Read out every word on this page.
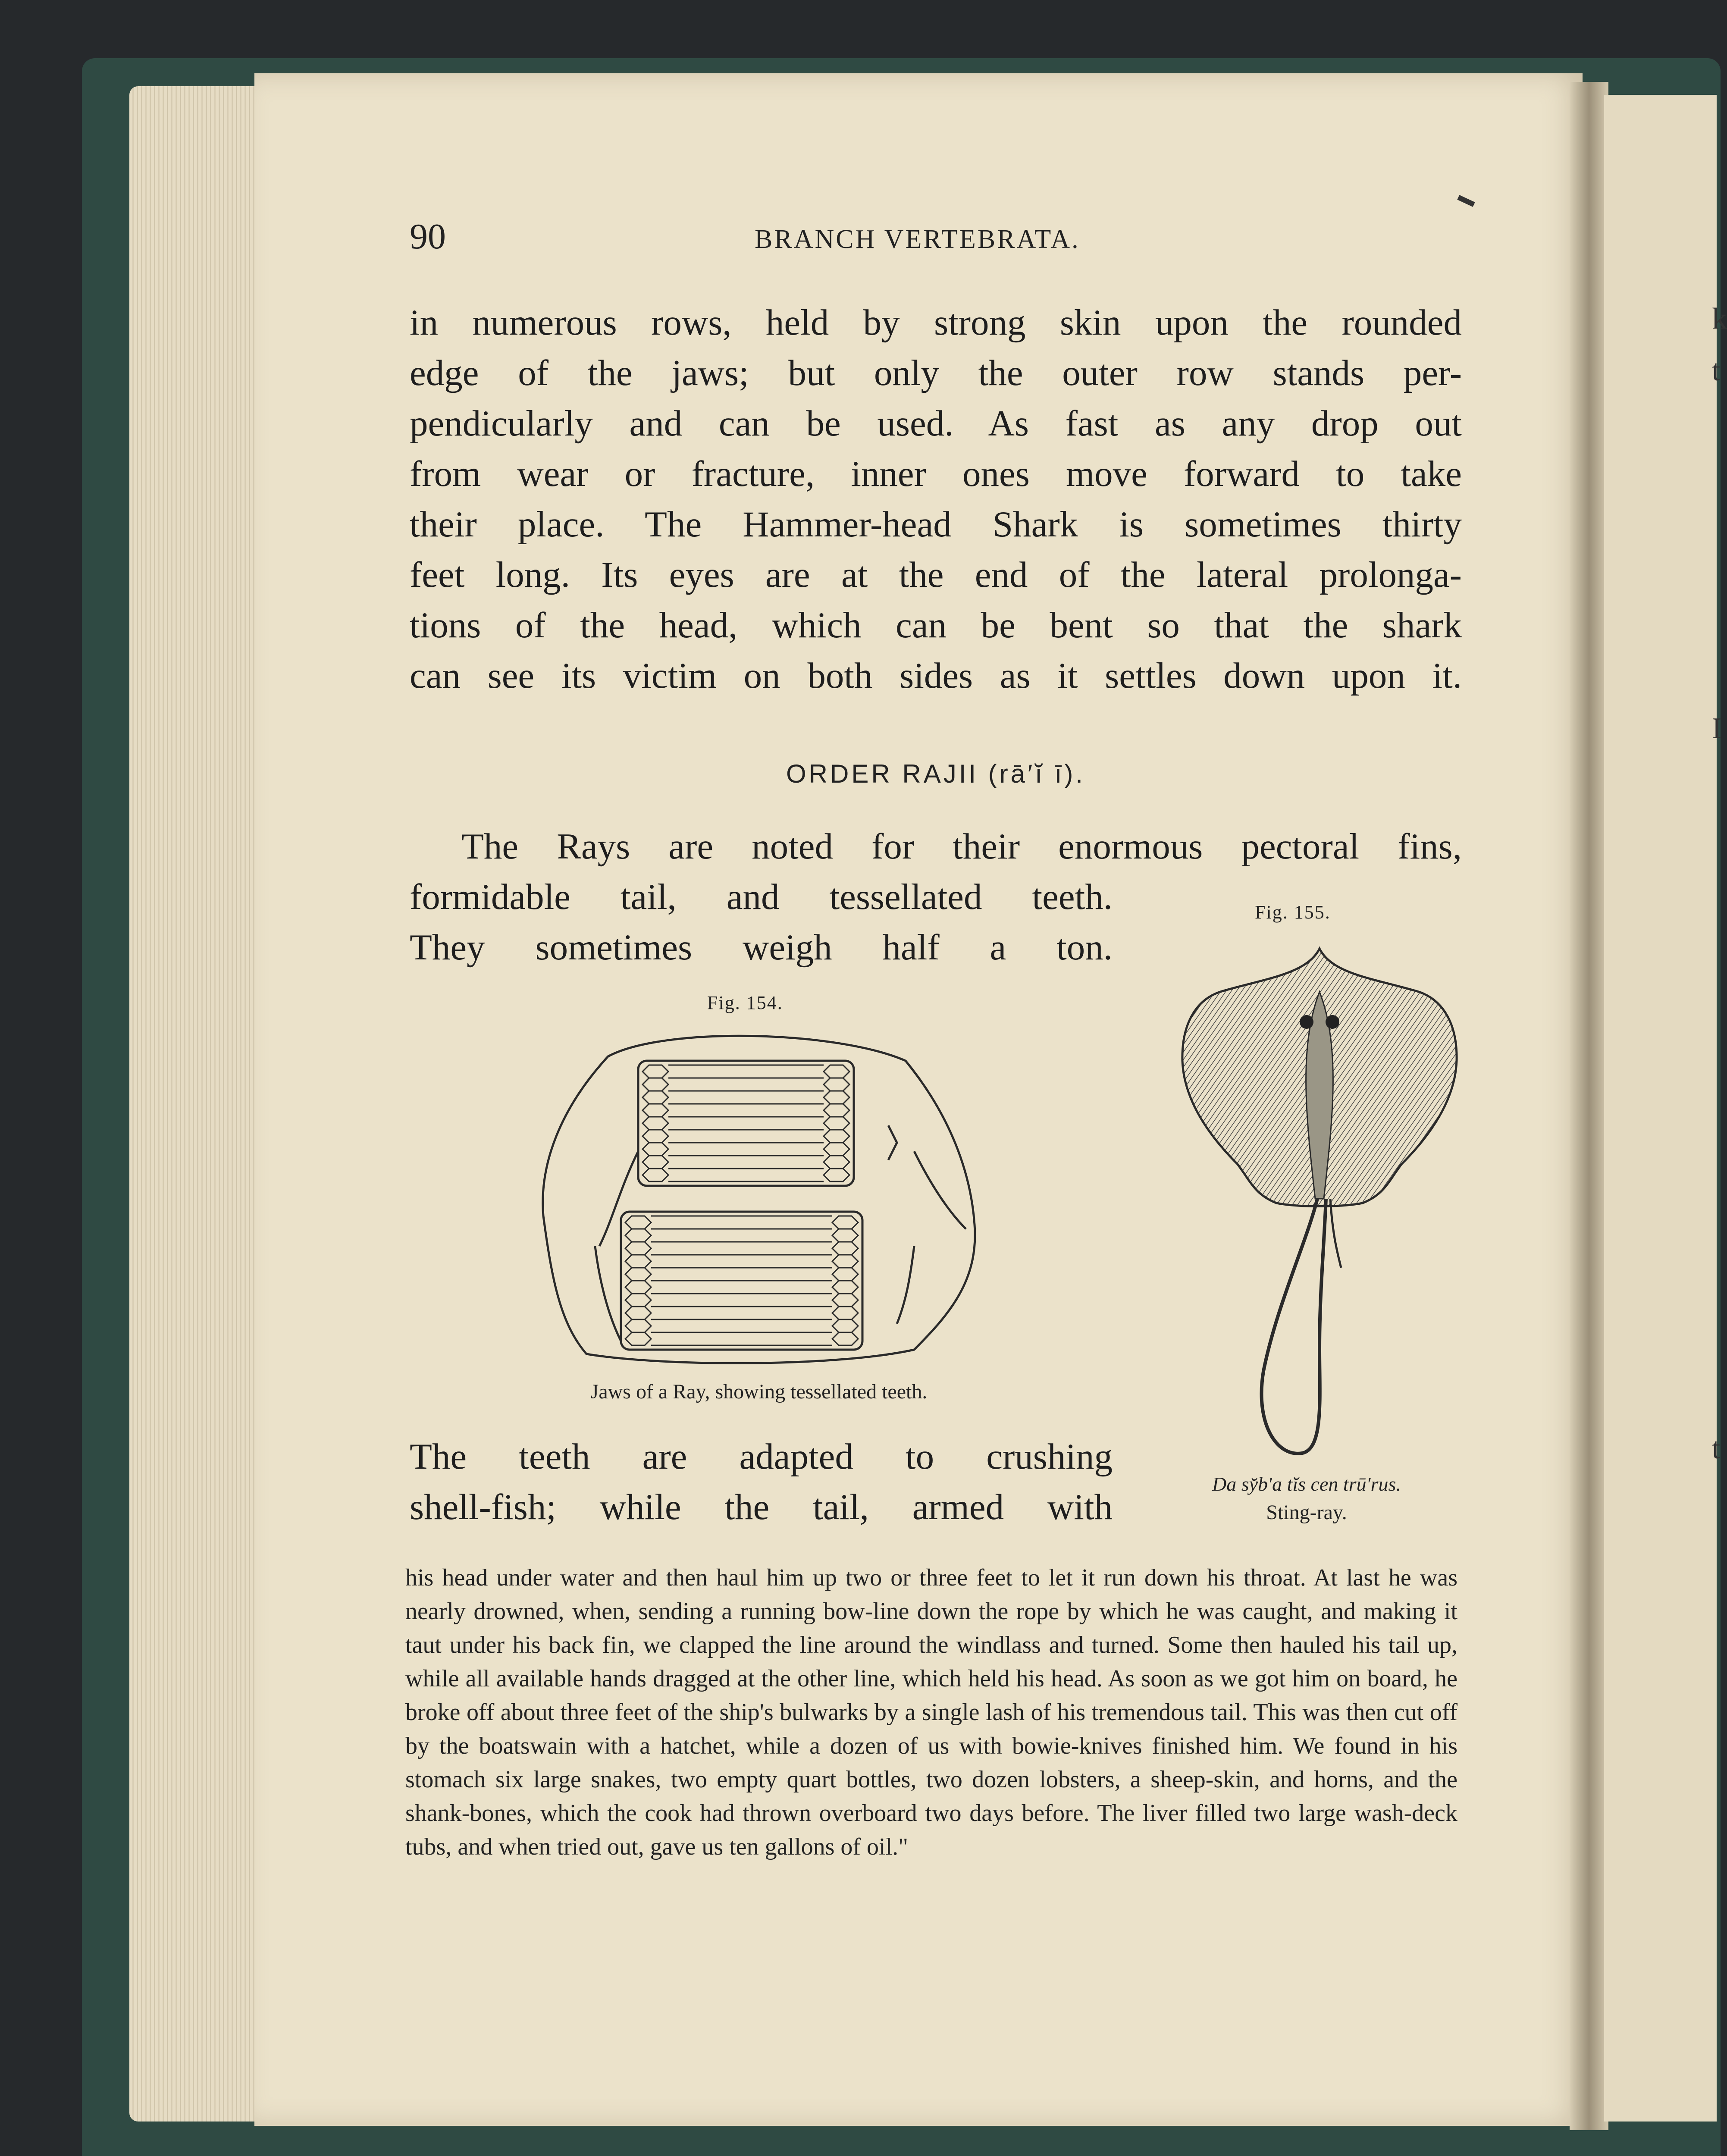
k
t
I
t
90	BRANCH VERTEBRATA.

in numerous rows, held by strong skin upon the rounded

edge of the jaws; but only the outer row stands per-

pendicularly and can be used. As fast as any drop out

from wear or fracture, inner ones move forward to take

their place. The Hammer-head Shark is sometimes thirty

feet long. Its eyes are at the end of the lateral prolonga-

tions of the head, which can be bent so that the shark

can see its victim on both sides as it settles down upon it.

ORDER RAJII (rā′ĭ ī).

The Rays are noted for their enormous pectoral fins,

formidable tail, and tessellated teeth.

They sometimes weigh half a ton.

Fig. 154.
Jaws of a Ray, showing tessellated teeth.
Fig. 155.
Da sy̆b′a tĭs cen trū′rus.
Sting-ray.

The teeth are adapted to crushing

shell-fish; while the tail, armed with

his head under water and then haul him up two or three feet to let it run down his throat. At last he was nearly drowned, when, sending a running bow-line down the rope by which he was caught, and making it taut under his back fin, we clapped the line around the windlass and turned. Some then hauled his tail up, while all available hands dragged at the other line, which held his head. As soon as we got him on board, he broke off about three feet of the ship's bulwarks by a single lash of his tremendous tail. This was then cut off by the boatswain with a hatchet, while a dozen of us with bowie-knives finished him. We found in his stomach six large snakes, two empty quart bottles, two dozen lobsters, a sheep-skin, and horns, and the shank-bones, which the cook had thrown overboard two days before. The liver filled two large wash-deck tubs, and when tried out, gave us ten gallons of oil."
